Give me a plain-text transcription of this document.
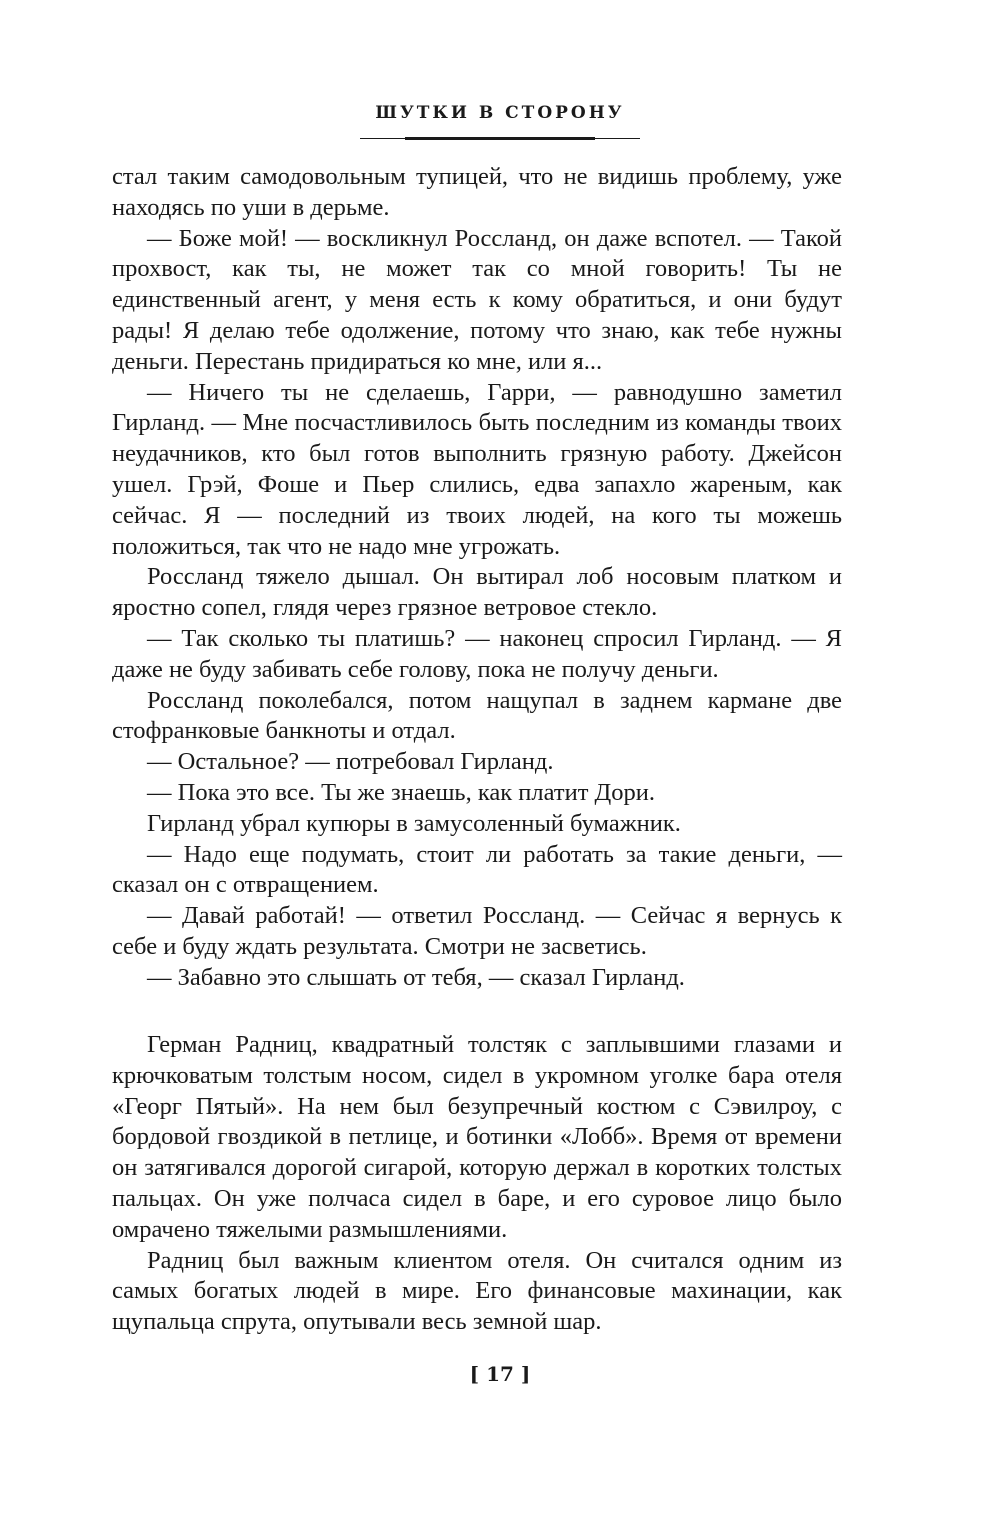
ШУТКИ В СТОРОНУ

стал таким самодовольным тупицей, что не видишь проблему, уже находясь по уши в дерьме.

— Боже мой! — воскликнул Россланд, он даже вспотел. — Такой прохвост, как ты, не может так со мной говорить! Ты не единственный агент, у меня есть к кому обратиться, и они будут рады! Я делаю тебе одолжение, потому что знаю, как тебе нужны деньги. Перестань придираться ко мне, или я...

— Ничего ты не сделаешь, Гарри, — равнодушно заметил Гирланд. — Мне посчастливилось быть последним из команды твоих неудачников, кто был готов выполнить грязную работу. Джейсон ушел. Грэй, Фоше и Пьер слились, едва запахло жареным, как сейчас. Я — последний из твоих людей, на кого ты можешь положиться, так что не надо мне угрожать.

Россланд тяжело дышал. Он вытирал лоб носовым платком и яростно сопел, глядя через грязное ветровое стекло.

— Так сколько ты платишь? — наконец спросил Гирланд. — Я даже не буду забивать себе голову, пока не получу деньги.

Россланд поколебался, потом нащупал в заднем кармане две стофранковые банкноты и отдал.

— Остальное? — потребовал Гирланд.

— Пока это все. Ты же знаешь, как платит Дори.

Гирланд убрал купюры в замусоленный бумажник.

— Надо еще подумать, стоит ли работать за такие деньги, — сказал он с отвращением.

— Давай работай! — ответил Россланд. — Сейчас я вернусь к себе и буду ждать результата. Смотри не засветись.

— Забавно это слышать от тебя, — сказал Гирланд.

Герман Радниц, квадратный толстяк с заплывшими глазами и крючковатым толстым носом, сидел в укромном уголке бара отеля «Георг Пятый». На нем был безупречный костюм с Сэвилроу, с бордовой гвоздикой в петлице, и ботинки «Лобб». Время от времени он затягивался дорогой сигарой, которую держал в коротких толстых пальцах. Он уже полчаса сидел в баре, и его суровое лицо было омрачено тяжелыми размышлениями.

Радниц был важным клиентом отеля. Он считался одним из самых богатых людей в мире. Его финансовые махинации, как щупальца спрута, опутывали весь земной шар.

[ 17 ]
